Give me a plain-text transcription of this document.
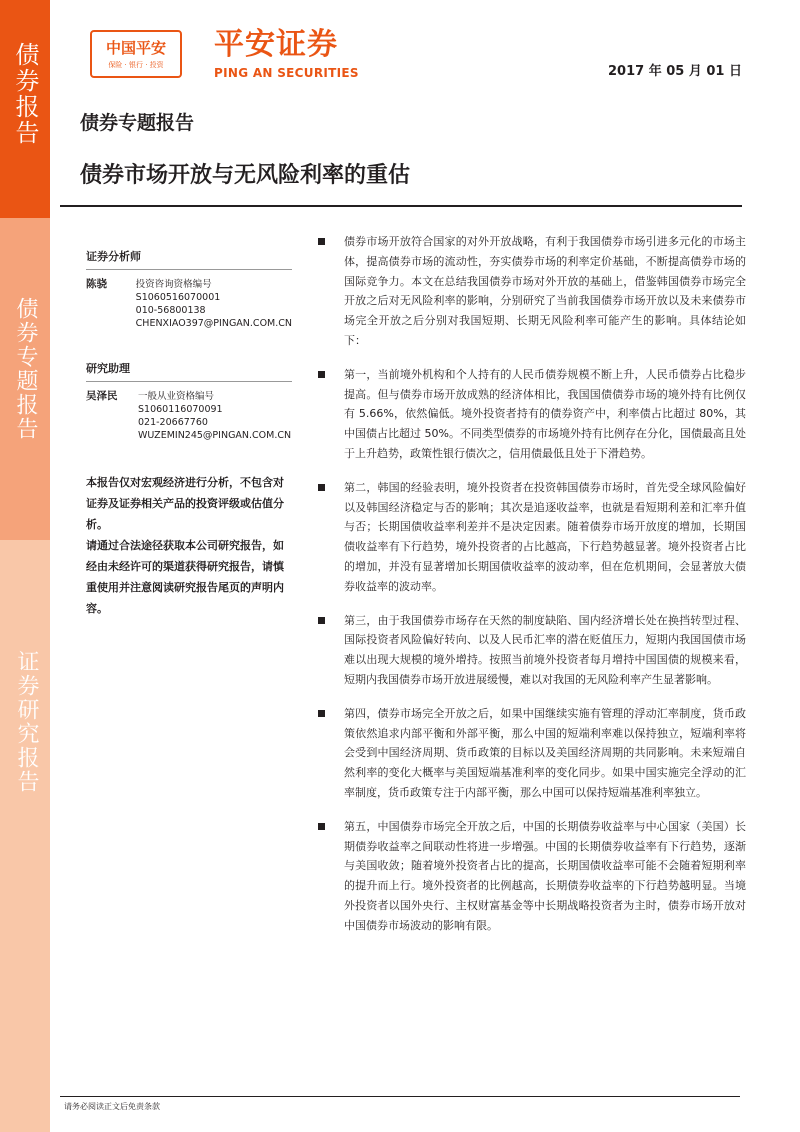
债券报告
债券专题报告
证券研究报告
中国平安
保险 · 银行 · 投资
平安证券
PING AN SECURITIES	2017 年 05 月 01 日
债券专题报告
债券市场开放与无风险利率的重估
证券分析师
陈骁	投资咨询资格编号
S1060516070001
010-56800138
CHENXIAO397@PINGAN.COM.CN
研究助理
吴泽民	一般从业资格编号
S1060116070091
021-20667760
WUZEMIN245@PINGAN.COM.CN

本报告仅对宏观经济进行分析，不包含对证券及证券相关产品的投资评级或估值分析。

请通过合法途径获取本公司研究报告，如经由未经许可的渠道获得研究报告，请慎重使用并注意阅读研究报告尾页的声明内容。

债券市场开放符合国家的对外开放战略，有利于我国债券市场引进多元化的市场主体，提高债券市场的流动性，夯实债券市场的利率定价基础，不断提高债券市场的国际竞争力。本文在总结我国债券市场对外开放的基础上，借鉴韩国债券市场完全开放之后对无风险利率的影响，分别研究了当前我国债券市场开放以及未来债券市场完全开放之后分别对我国短期、长期无风险利率可能产生的影响。具体结论如下：
第一，当前境外机构和个人持有的人民币债券规模不断上升，人民币债券占比稳步提高。但与债券市场开放成熟的经济体相比，我国国债债券市场的境外持有比例仅有 5.66%，依然偏低。境外投资者持有的债券资产中，利率债占比超过 80%，其中国债占比超过 50%。不同类型债券的市场境外持有比例存在分化，国债最高且处于上升趋势，政策性银行债次之，信用债最低且处于下滑趋势。
第二，韩国的经验表明，境外投资者在投资韩国债券市场时，首先受全球风险偏好以及韩国经济稳定与否的影响；其次是追逐收益率，也就是看短期利差和汇率升值与否；长期国债收益率利差并不是决定因素。随着债券市场开放度的增加，长期国债收益率有下行趋势，境外投资者的占比越高，下行趋势越显著。境外投资者占比的增加，并没有显著增加长期国债收益率的波动率，但在危机期间，会显著放大债券收益率的波动率。
第三，由于我国债券市场存在天然的制度缺陷、国内经济增长处在换挡转型过程、国际投资者风险偏好转向、以及人民币汇率的潜在贬值压力，短期内我国国债市场难以出现大规模的境外增持。按照当前境外投资者每月增持中国国债的规模来看，短期内我国债券市场开放进展缓慢，难以对我国的无风险利率产生显著影响。
第四，债券市场完全开放之后，如果中国继续实施有管理的浮动汇率制度，货币政策依然追求内部平衡和外部平衡，那么中国的短端利率难以保持独立，短端利率将会受到中国经济周期、货币政策的目标以及美国经济周期的共同影响。未来短端自然利率的变化大概率与美国短端基准利率的变化同步。如果中国实施完全浮动的汇率制度，货币政策专注于内部平衡，那么中国可以保持短端基准利率独立。
第五，中国债券市场完全开放之后，中国的长期债券收益率与中心国家（美国）长期债券收益率之间联动性将进一步增强。中国的长期债券收益率有下行趋势，逐渐与美国收敛；随着境外投资者占比的提高，长期国债收益率可能不会随着短期利率的提升而上行。境外投资者的比例越高，长期债券收益率的下行趋势越明显。当境外投资者以国外央行、主权财富基金等中长期战略投资者为主时，债券市场开放对中国债券市场波动的影响有限。
请务必阅读正文后免责条款
